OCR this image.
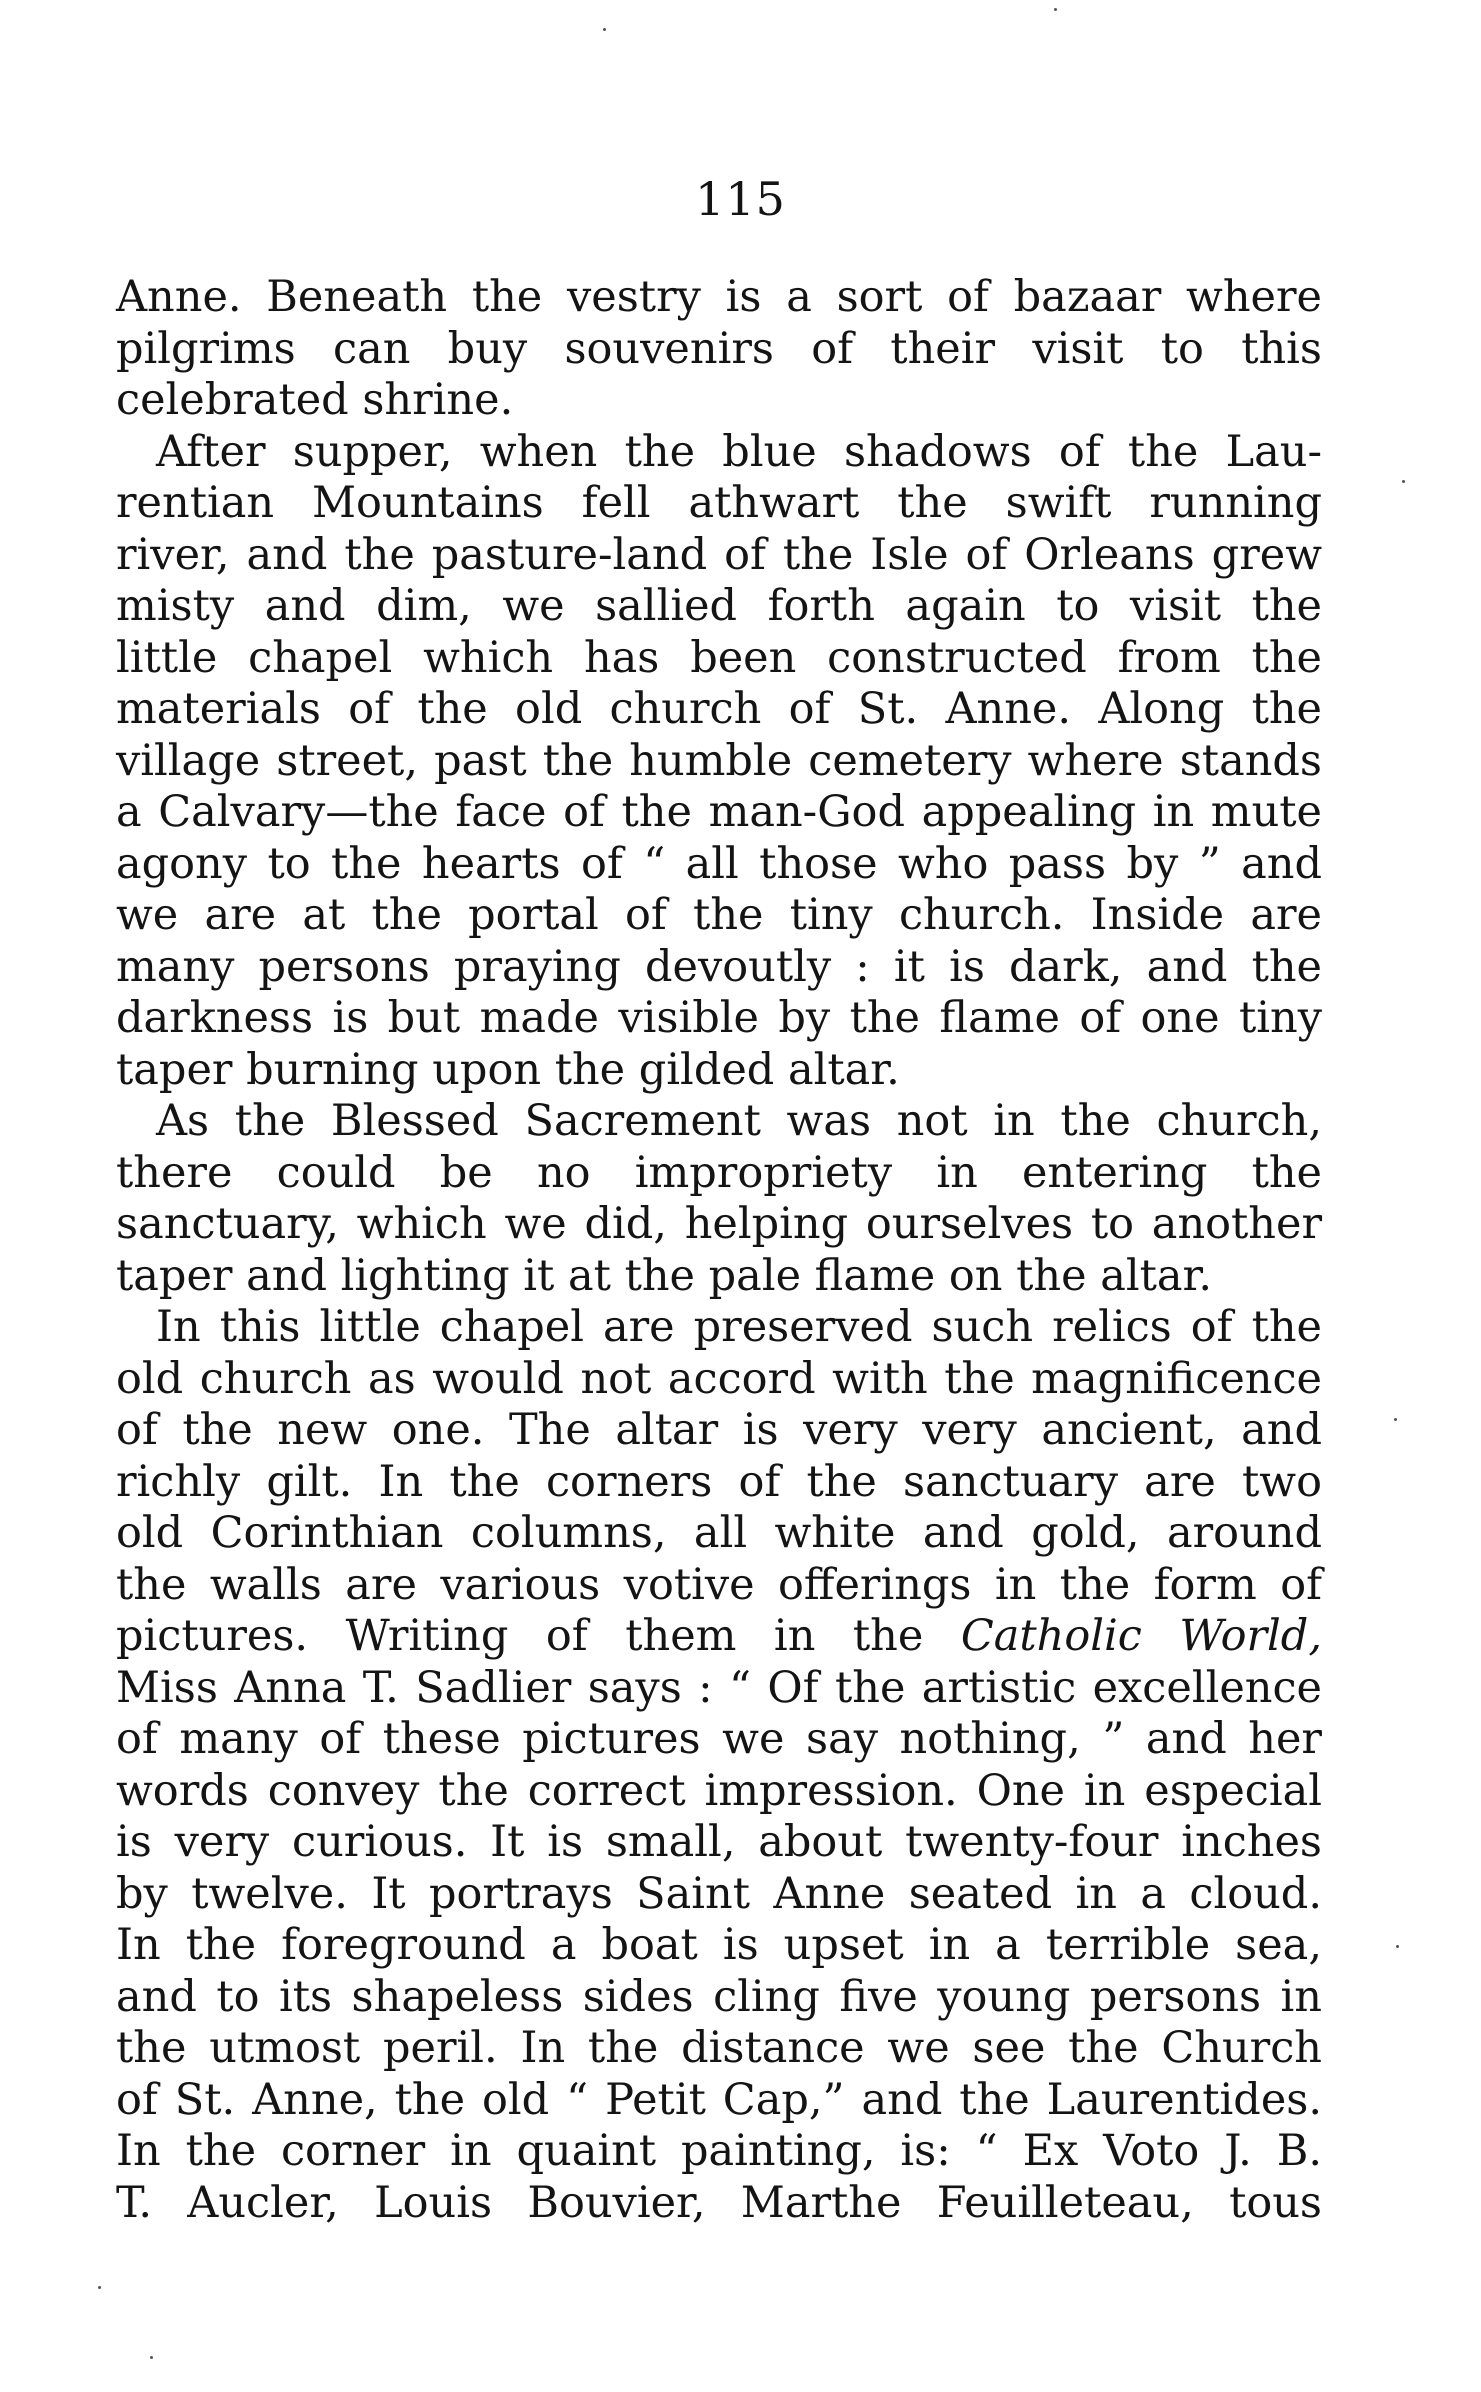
115
Anne. Beneath the vestry is a sort of bazaar where
pilgrims can buy souvenirs of their visit to this
celebrated shrine.
After supper, when the blue shadows of the Lau-
rentian Mountains fell athwart the swift running
river, and the pasture-land of the Isle of Orleans grew
misty and dim, we sallied forth again to visit the
little chapel which has been constructed from the
materials of the old church of St. Anne. Along the
village street, past the humble cemetery where stands
a Calvary—the face of the man-God appealing in mute
agony to the hearts of “ all those who pass by ” and
we are at the portal of the tiny church. Inside are
many persons praying devoutly : it is dark, and the
darkness is but made visible by the flame of one tiny
taper burning upon the gilded altar.
As the Blessed Sacrement was not in the church,
there could be no impropriety in entering the
sanctuary, which we did, helping ourselves to another
taper and lighting it at the pale flame on the altar.
In this little chapel are preserved such relics of the
old church as would not accord with the magnificence
of the new one. The altar is very very ancient, and
richly gilt. In the corners of the sanctuary are two
old Corinthian columns, all white and gold, around
the walls are various votive offerings in the form of
pictures. Writing of them in the Catholic World,
Miss Anna T. Sadlier says : “ Of the artistic excellence
of many of these pictures we say nothing, ” and her
words convey the correct impression. One in especial
is very curious. It is small, about twenty-four inches
by twelve. It portrays Saint Anne seated in a cloud.
In the foreground a boat is upset in a terrible sea,
and to its shapeless sides cling five young persons in
the utmost peril. In the distance we see the Church
of St. Anne, the old “ Petit Cap,” and the Laurentides.
In the corner in quaint painting, is: “ Ex Voto J. B.
T. Aucler, Louis Bouvier, Marthe Feuilleteau, tous
